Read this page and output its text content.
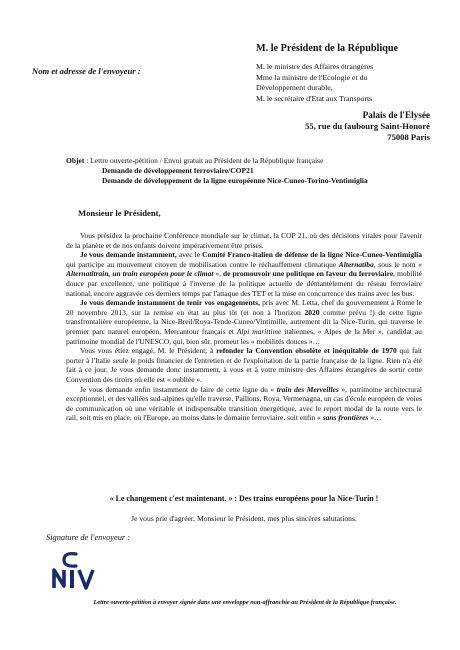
Nom et adresse de l'envoyeur :
M. le Président de la République
M. le ministre des Affaires étrangères
Mme la ministre de l'Ecologie et du
Développement durable,
M. le secrétaire d'Etat aux Transports
Palais de l'Elysée
55, rue du faubourg Saint-Honoré
75008 Paris
Objet : Lettre ouverte-pétition / Envoi gratuit au Président de la République française
Demande de développement ferroviaire/COP21
Demande de développement de la ligne européenne Nice-Cuneo-Torino-Ventimiglia
Monsieur le Président,

Vous présidez la prochaine Conférence mondiale sur le climat, la COP 21, où des décisions vitales pour l'avenir de la planète et de nos enfants doivent impérativement être prises.

Je vous demande instamment, avec le Comité Franco-italien de défense de la ligne Nice-Cuneo-Ventimiglia qui participe au mouvement citoyen de mobilisation contre le réchauffement climatique Alternatiba, sous le nom « Alternatitrain, un train européen pour le climat », de promouvoir une politique en faveur du ferroviaire, mobilité douce par excellence, une politique à l'inverse de la politique actuelle de démantèlement du réseau ferroviaire national, encore aggravée ces derniers temps par l'attaque des TET et la mise en concurrence des trains avec les bus.

Je vous demande instamment de tenir vos engagements, pris avec M. Letta, chef du gouvernement à Rome le 20 novembre 2013, sur la remise en état au plus tôt (et non à l'horizon 2020 comme prévu !) de cette ligne transfrontalière européenne, la Nice-Breil/Roya-Tende-Cuneo/Vintimille, autrement dit la Nice-Turin, qui traverse le premier parc naturel européen, Mercantour français et Alpi marittime italiennes, « Alpes de la Mer », candidat au patrimoine mondial de l'UNESCO, qui, bien sûr, promeut les « mobilités douces »…

Vous vous étiez engagé, M. le Président, à refonder la Convention obsolète et inéquitable de 1970 qui fait porter à l'Italie seule le poids financier de l'entretien et de l'exploitation de la partie française de la ligne. Rien n'a été fait à ce jour. Je vous demande donc instamment, à vous et à votre ministre des Affaires étrangères de sortir cette Convention des tiroirs où elle est « oubliée ».

Je vous demande enfin instamment de faire de cette ligne du « train des Merveilles », patrimoine architectural exceptionnel, et des vallées sud-alpines qu'elle traverse, Paillons, Roya, Vermenagna, un cas d'école européen de voies de communication où une véritable et indispensable transition énergétique, avec le report modal de la route vers le rail, soit mis en place, où l'Europe, au moins dans le domaine ferroviaire, soit enfin « sans frontières »…

« Le changement c'est maintenant. » : Des trains européens pour la Nice-Turin !
Je vous prie d'agréer, Monsieur le Président, mes plus sincères salutations.
Signature de l'envoyeur :
Lettre ouverte-pétition à envoyer signée dans une enveloppe non-affranchie au Président de la République française.
